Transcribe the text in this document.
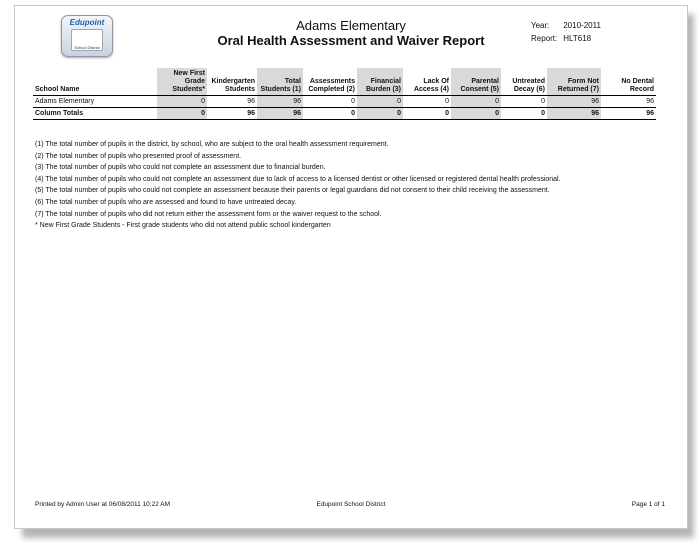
Edupoint
School District
Adams Elementary
Oral Health Assessment and Waiver Report
Year: 2010-2011
Report: HLT618
School Name	New First Grade Students*	Kindergarten Students	Total Students (1)	Assessments Completed (2)	Financial Burden (3)	Lack Of Access (4)	Parental Consent (5)	Untreated Decay (6)	Form Not Returned (7)	No Dental Record
Adams Elementary	0	96	96	0	0	0	0	0	96	96
Column Totals	0	96	96	0	0	0	0	0	96	96
(1) The total number of pupils in the district, by school, who are subject to the oral health assessment requirement.
(2) The total number of pupils who presented proof of assessment.
(3) The total number of pupils who could not complete an assessment due to financial burden.
(4) The total number of pupils who could not complete an assessment due to lack of access to a licensed dentist or other licensed or registered dental health professional.
(5) The total number of pupils who could not complete an assessment because their parents or legal guardians did not consent to their child receiving the assessment.
(6) The total number of pupils who are assessed and found to have untreated decay.
(7) The total number of pupils who did not return either the assessment form or the waiver request to the school.
* New First Grade Students - First grade students who did not attend public school kindergarten
Printed by Admin User at 06/08/2011 10:22 AM	Edupoint School District	Page 1 of 1
